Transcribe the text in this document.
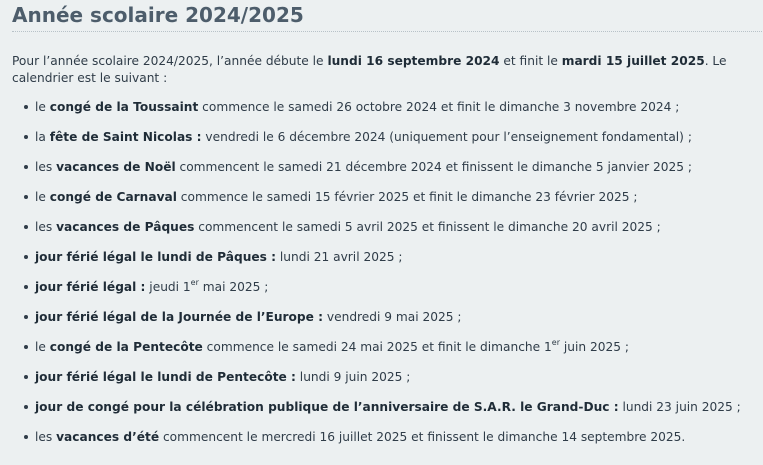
Année scolaire 2024/2025

Pour l’année scolaire 2024/2025, l’année débute le lundi 16 septembre 2024 et finit le mardi 15 juillet 2025. Le calendrier est le suivant :

le congé de la Toussaint commence le samedi 26 octobre 2024 et finit le dimanche 3 novembre 2024 ;
la fête de Saint Nicolas : vendredi le 6 décembre 2024 (uniquement pour l’enseignement fondamental) ;
les vacances de Noël commencent le samedi 21 décembre 2024 et finissent le dimanche 5 janvier 2025 ;
le congé de Carnaval commence le samedi 15 février 2025 et finit le dimanche 23 février 2025 ;
les vacances de Pâques commencent le samedi 5 avril 2025 et finissent le dimanche 20 avril 2025 ;
jour férié légal le lundi de Pâques : lundi 21 avril 2025 ;
jour férié légal : jeudi 1er mai 2025 ;
jour férié légal de la Journée de l’Europe : vendredi 9 mai 2025 ;
le congé de la Pentecôte commence le samedi 24 mai 2025 et finit le dimanche 1er juin 2025 ;
jour férié légal le lundi de Pentecôte : lundi 9 juin 2025 ;
jour de congé pour la célébration publique de l’anniversaire de S.A.R. le Grand-Duc : lundi 23 juin 2025 ;
les vacances d’été commencent le mercredi 16 juillet 2025 et finissent le dimanche 14 septembre 2025.
